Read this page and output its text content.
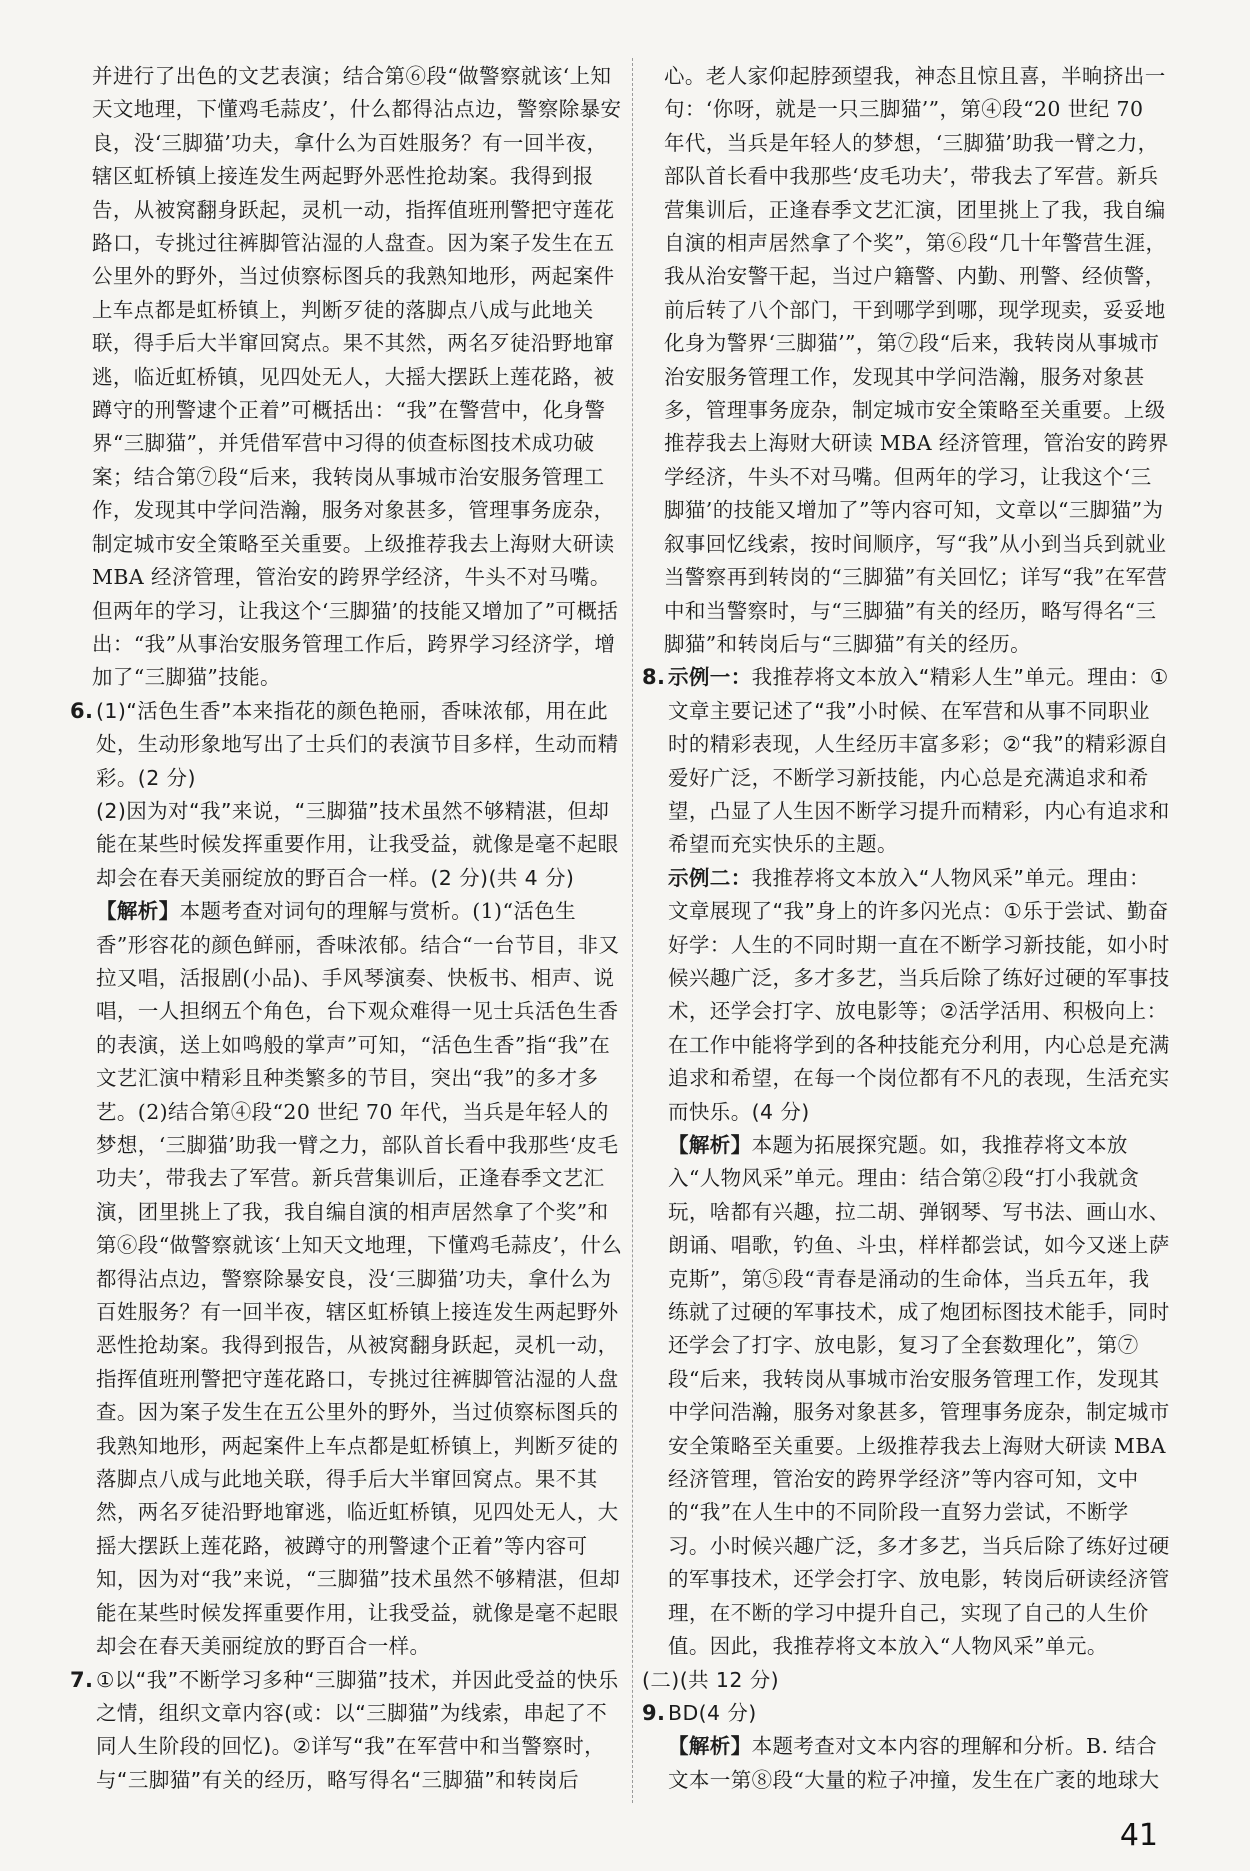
并进行了出色的文艺表演；结合第⑥段“做警察就该‘上知天文地理，下懂鸡毛蒜皮’，什么都得沾点边，警察除暴安良，没‘三脚猫’功夫，拿什么为百姓服务？有一回半夜，辖区虹桥镇上接连发生两起野外恶性抢劫案。我得到报告，从被窝翻身跃起，灵机一动，指挥值班刑警把守莲花路口，专挑过往裤脚管沾湿的人盘查。因为案子发生在五公里外的野外，当过侦察标图兵的我熟知地形，两起案件上车点都是虹桥镇上，判断歹徒的落脚点八成与此地关联，得手后大半窜回窝点。果不其然，两名歹徒沿野地窜逃，临近虹桥镇，见四处无人，大摇大摆跃上莲花路，被蹲守的刑警逮个正着”可概括出：“我”在警营中，化身警界“三脚猫”，并凭借军营中习得的侦查标图技术成功破案；结合第⑦段“后来，我转岗从事城市治安服务管理工作，发现其中学问浩瀚，服务对象甚多，管理事务庞杂，制定城市安全策略至关重要。上级推荐我去上海财大研读 MBA 经济管理，管治安的跨界学经济，牛头不对马嘴。但两年的学习，让我这个‘三脚猫’的技能又增加了”可概括出：“我”从事治安服务管理工作后，跨界学习经济学，增加了“三脚猫”技能。

6. (1)“活色生香”本来指花的颜色艳丽，香味浓郁，用在此处，生动形象地写出了士兵们的表演节目多样，生动而精彩。(2 分)

(2)因为对“我”来说，“三脚猫”技术虽然不够精湛，但却能在某些时候发挥重要作用，让我受益，就像是毫不起眼却会在春天美丽绽放的野百合一样。(2 分)(共 4 分)

【解析】本题考查对词句的理解与赏析。(1)“活色生香”形容花的颜色鲜丽，香味浓郁。结合“一台节目，非又拉又唱，活报剧(小品)、手风琴演奏、快板书、相声、说唱，一人担纲五个角色，台下观众难得一见士兵活色生香的表演，送上如鸣般的掌声”可知，“活色生香”指“我”在文艺汇演中精彩且种类繁多的节目，突出“我”的多才多艺。(2)结合第④段“20 世纪 70 年代，当兵是年轻人的梦想，‘三脚猫’助我一臂之力，部队首长看中我那些‘皮毛功夫’，带我去了军营。新兵营集训后，正逢春季文艺汇演，团里挑上了我，我自编自演的相声居然拿了个奖”和第⑥段“做警察就该‘上知天文地理，下懂鸡毛蒜皮’，什么都得沾点边，警察除暴安良，没‘三脚猫’功夫，拿什么为百姓服务？有一回半夜，辖区虹桥镇上接连发生两起野外恶性抢劫案。我得到报告，从被窝翻身跃起，灵机一动，指挥值班刑警把守莲花路口，专挑过往裤脚管沾湿的人盘查。因为案子发生在五公里外的野外，当过侦察标图兵的我熟知地形，两起案件上车点都是虹桥镇上，判断歹徒的落脚点八成与此地关联，得手后大半窜回窝点。果不其然，两名歹徒沿野地窜逃，临近虹桥镇，见四处无人，大摇大摆跃上莲花路，被蹲守的刑警逮个正着”等内容可知，因为对“我”来说，“三脚猫”技术虽然不够精湛，但却能在某些时候发挥重要作用，让我受益，就像是毫不起眼却会在春天美丽绽放的野百合一样。

7. ①以“我”不断学习多种“三脚猫”技术，并因此受益的快乐之情，组织文章内容(或：以“三脚猫”为线索，串起了不同人生阶段的回忆)。②详写“我”在军营中和当警察时，与“三脚猫”有关的经历，略写得名“三脚猫”和转岗后

心。老人家仰起脖颈望我，神态且惊且喜，半晌挤出一句：‘你呀，就是一只三脚猫’”，第④段“20 世纪 70 年代，当兵是年轻人的梦想，‘三脚猫’助我一臂之力，部队首长看中我那些‘皮毛功夫’，带我去了军营。新兵营集训后，正逢春季文艺汇演，团里挑上了我，我自编自演的相声居然拿了个奖”，第⑥段“几十年警营生涯，我从治安警干起，当过户籍警、内勤、刑警、经侦警，前后转了八个部门，干到哪学到哪，现学现卖，妥妥地化身为警界‘三脚猫’”，第⑦段“后来，我转岗从事城市治安服务管理工作，发现其中学问浩瀚，服务对象甚多，管理事务庞杂，制定城市安全策略至关重要。上级推荐我去上海财大研读 MBA 经济管理，管治安的跨界学经济，牛头不对马嘴。但两年的学习，让我这个‘三脚猫’的技能又增加了”等内容可知，文章以“三脚猫”为叙事回忆线索，按时间顺序，写“我”从小到当兵到就业当警察再到转岗的“三脚猫”有关回忆；详写“我”在军营中和当警察时，与“三脚猫”有关的经历，略写得名“三脚猫”和转岗后与“三脚猫”有关的经历。

8. 示例一：我推荐将文本放入“精彩人生”单元。理由：①文章主要记述了“我”小时候、在军营和从事不同职业时的精彩表现，人生经历丰富多彩；②“我”的精彩源自爱好广泛，不断学习新技能，内心总是充满追求和希望，凸显了人生因不断学习提升而精彩，内心有追求和希望而充实快乐的主题。

示例二：我推荐将文本放入“人物风采”单元。理由：文章展现了“我”身上的许多闪光点：①乐于尝试、勤奋好学：人生的不同时期一直在不断学习新技能，如小时候兴趣广泛，多才多艺，当兵后除了练好过硬的军事技术，还学会打字、放电影等；②活学活用、积极向上：在工作中能将学到的各种技能充分利用，内心总是充满追求和希望，在每一个岗位都有不凡的表现，生活充实而快乐。(4 分)

【解析】本题为拓展探究题。如，我推荐将文本放入“人物风采”单元。理由：结合第②段“打小我就贪玩，啥都有兴趣，拉二胡、弹钢琴、写书法、画山水、朗诵、唱歌，钓鱼、斗虫，样样都尝试，如今又迷上萨克斯”，第⑤段“青春是涌动的生命体，当兵五年，我练就了过硬的军事技术，成了炮团标图技术能手，同时还学会了打字、放电影，复习了全套数理化”，第⑦段“后来，我转岗从事城市治安服务管理工作，发现其中学问浩瀚，服务对象甚多，管理事务庞杂，制定城市安全策略至关重要。上级推荐我去上海财大研读 MBA 经济管理，管治安的跨界学经济”等内容可知，文中的“我”在人生中的不同阶段一直努力尝试，不断学习。小时候兴趣广泛，多才多艺，当兵后除了练好过硬的军事技术，还学会打字、放电影，转岗后研读经济管理，在不断的学习中提升自己，实现了自己的人生价值。因此，我推荐将文本放入“人物风采”单元。

(二)(共 12 分)

9. BD(4 分)

【解析】本题考查对文本内容的理解和分析。B. 结合文本一第⑧段“大量的粒子冲撞，发生在广袤的地球大

41
